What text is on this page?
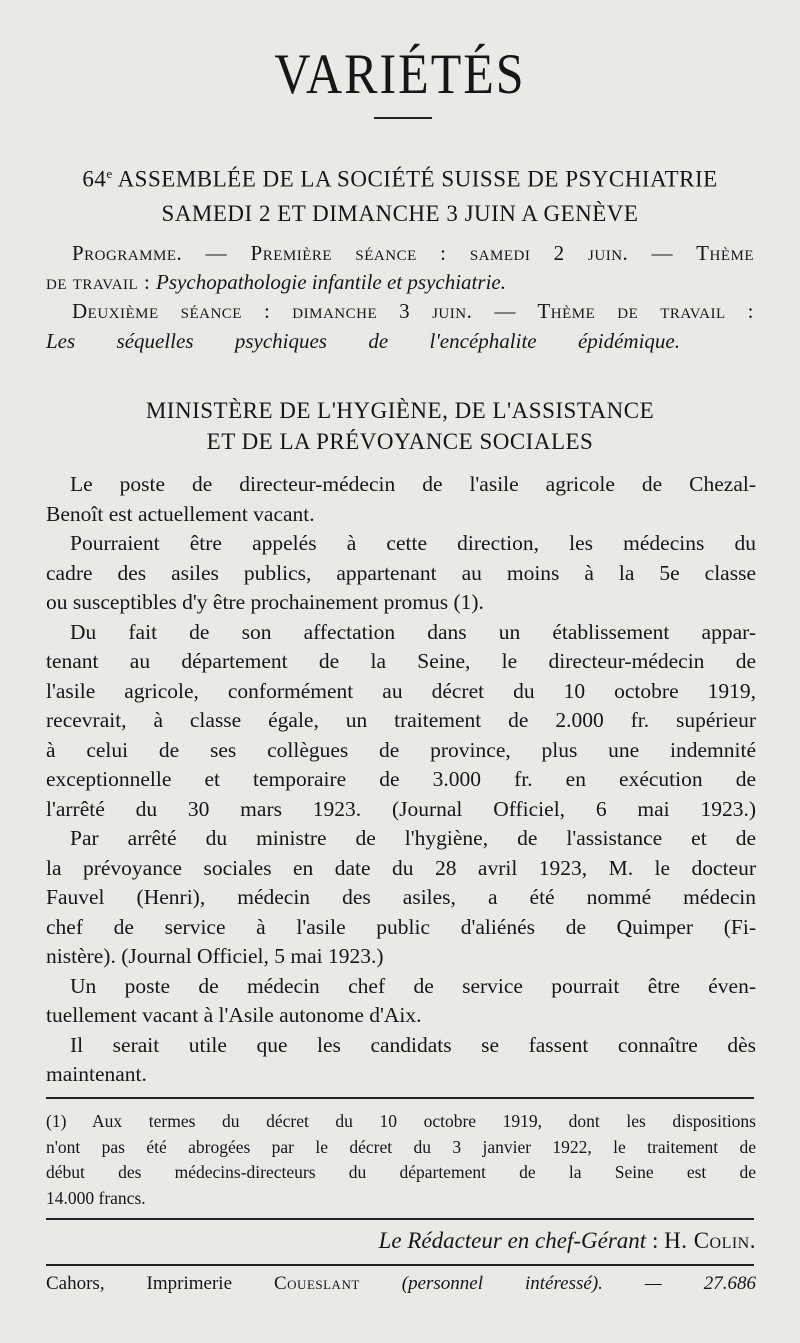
VARIÉTÉS
64e ASSEMBLÉE DE LA SOCIÉTÉ SUISSE DE PSYCHIATRIE
SAMEDI 2 ET DIMANCHE 3 JUIN A GENÈVE
Programme. — Première séance : samedi 2 juin. — Thème
de travail : Psychopathologie infantile et psychiatrie.
Deuxième séance : dimanche 3 juin. — Thème de travail :
Les séquelles psychiques de l'encéphalite épidémique.
MINISTÈRE DE L'HYGIÈNE, DE L'ASSISTANCE
ET DE LA PRÉVOYANCE SOCIALES
Le poste de directeur-médecin de l'asile agricole de Chezal-
Benoît est actuellement vacant.
Pourraient être appelés à cette direction, les médecins du
cadre des asiles publics, appartenant au moins à la 5e classe
ou susceptibles d'y être prochainement promus (1).
Du fait de son affectation dans un établissement appar-
tenant au département de la Seine, le directeur-médecin de
l'asile agricole, conformément au décret du 10 octobre 1919,
recevrait, à classe égale, un traitement de 2.000 fr. supérieur
à celui de ses collègues de province, plus une indemnité
exceptionnelle et temporaire de 3.000 fr. en exécution de
l'arrêté du 30 mars 1923. (Journal Officiel, 6 mai 1923.)
Par arrêté du ministre de l'hygiène, de l'assistance et de
la prévoyance sociales en date du 28 avril 1923, M. le docteur
Fauvel (Henri), médecin des asiles, a été nommé médecin
chef de service à l'asile public d'aliénés de Quimper (Fi-
nistère). (Journal Officiel, 5 mai 1923.)
Un poste de médecin chef de service pourrait être éven-
tuellement vacant à l'Asile autonome d'Aix.
Il serait utile que les candidats se fassent connaître dès
maintenant.
(1) Aux termes du décret du 10 octobre 1919, dont les dispositions
n'ont pas été abrogées par le décret du 3 janvier 1922, le traitement de
début des médecins-directeurs du département de la Seine est de
14.000 francs.
Le Rédacteur en chef-Gérant : H. Colin.
Cahors, Imprimerie Coueslant (personnel intéressé). — 27.686
